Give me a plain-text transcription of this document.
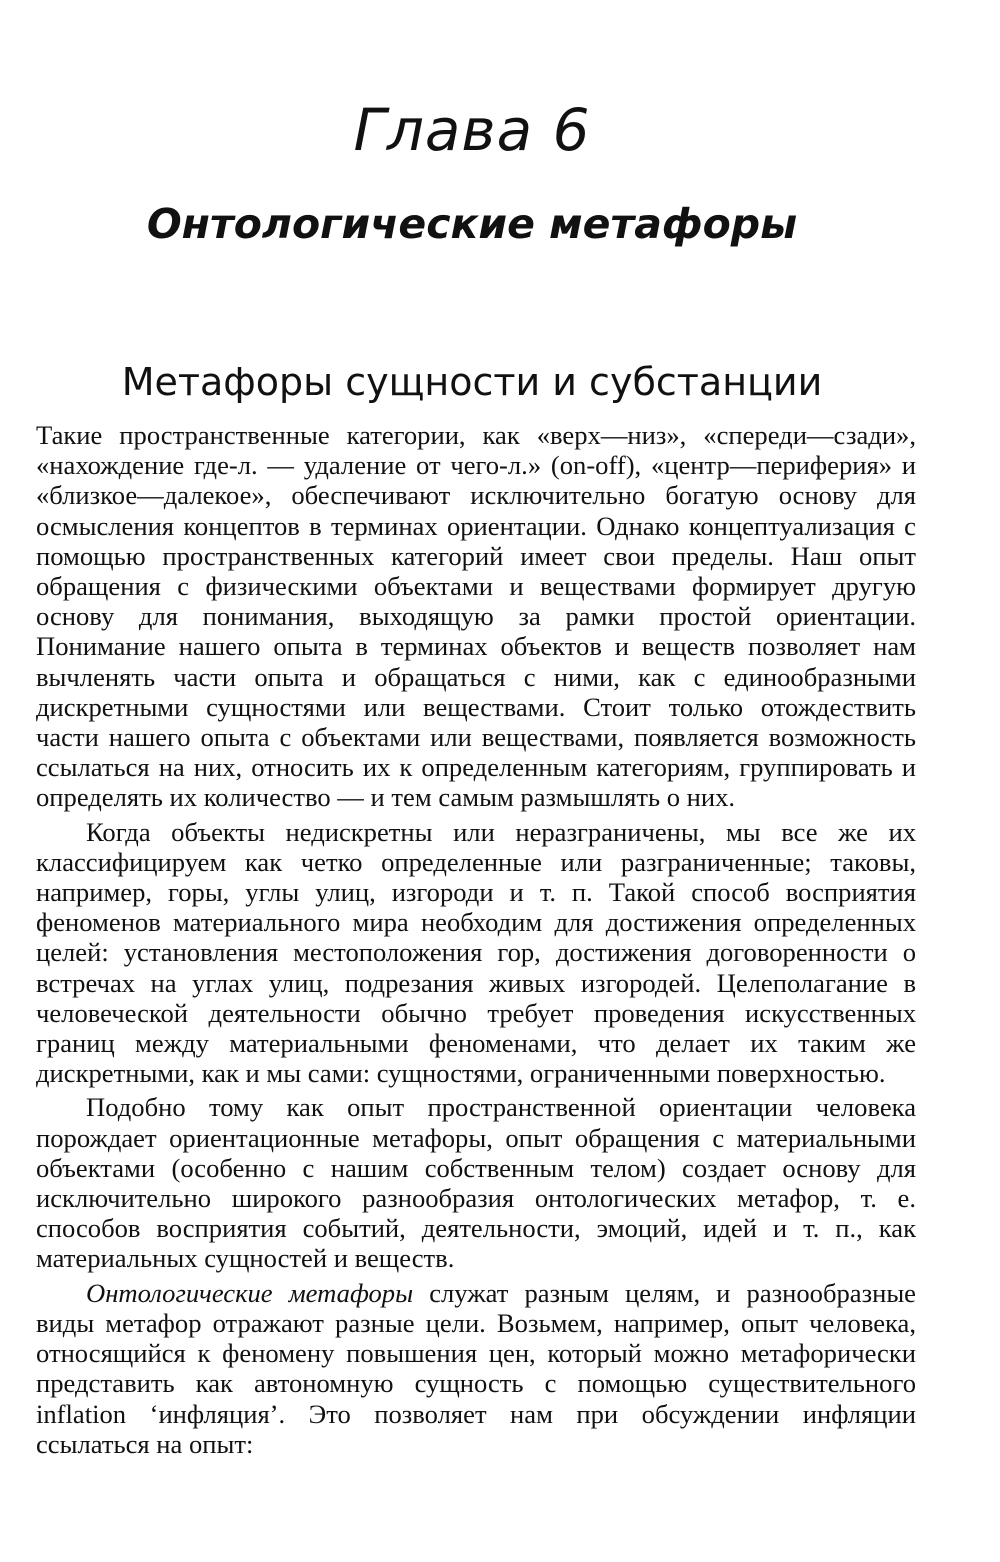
Глава 6
Онтологические метафоры
Метафоры сущности и субстанции

Такие пространственные категории, как «верх—низ», «спереди—сзади», «нахождение где-л. — удаление от чего-л.» (on-off), «центр—периферия» и «близкое—далекое», обеспечивают исключительно богатую основу для осмысления концептов в терминах ориентации. Однако концептуализация с помощью пространственных категорий имеет свои пределы. Наш опыт обращения с физическими объектами и веществами формирует другую основу для понимания, выходящую за рамки простой ориентации. Понимание нашего опыта в терминах объектов и веществ позволяет нам вычленять части опыта и обращаться с ними, как с единообразными дискретными сущностями или веществами. Стоит только отождествить части нашего опыта с объектами или веществами, появляется возможность ссылаться на них, относить их к определенным категориям, группировать и определять их количество — и тем самым размышлять о них.

Когда объекты недискретны или неразграничены, мы все же их классифицируем как четко определенные или разграниченные; таковы, например, горы, углы улиц, изгороди и т. п. Такой способ восприятия феноменов материального мира необходим для достижения определенных целей: установления местоположения гор, достижения договоренности о встречах на углах улиц, подрезания живых изгородей. Целеполагание в человеческой деятельности обычно требует проведения искусственных границ между материальными феноменами, что делает их таким же дискретными, как и мы сами: сущностями, ограниченными поверхностью.

Подобно тому как опыт пространственной ориентации человека порождает ориентационные метафоры, опыт обращения с материальными объектами (особенно с нашим собственным телом) создает основу для исключительно широкого разнообразия онтологических метафор, т. е. способов восприятия событий, деятельности, эмоций, идей и т. п., как материальных сущностей и веществ.

Онтологические метафоры служат разным целям, и разнообразные виды метафор отражают разные цели. Возьмем, например, опыт человека, относящийся к феномену повышения цен, который можно метафорически представить как автономную сущность с помощью существительного inflation ‘инфляция’. Это позволяет нам при обсуждении инфляции ссылаться на опыт:
